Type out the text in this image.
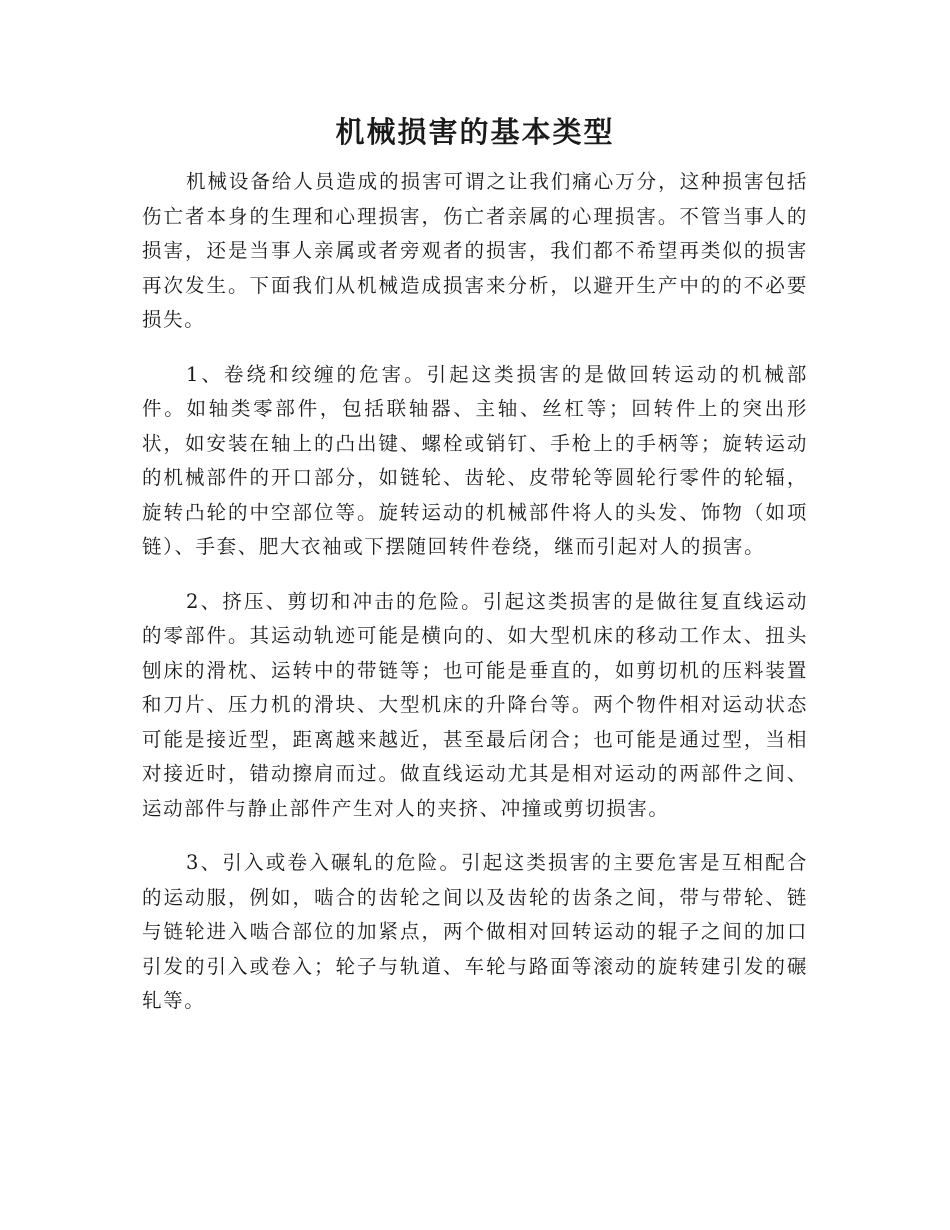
机械损害的基本类型

机械设备给人员造成的损害可谓之让我们痛心万分，这种损害包括伤亡者本身的生理和心理损害，伤亡者亲属的心理损害。不管当事人的损害，还是当事人亲属或者旁观者的损害，我们都不希望再类似的损害再次发生。下面我们从机械造成损害来分析，以避开生产中的的不必要损失。

1、卷绕和绞缠的危害。引起这类损害的是做回转运动的机械部件。如轴类零部件，包括联轴器、主轴、丝杠等；回转件上的突出形状，如安装在轴上的凸出键、螺栓或销钉、手枪上的手柄等；旋转运动的机械部件的开口部分，如链轮、齿轮、皮带轮等圆轮行零件的轮辐，旋转凸轮的中空部位等。旋转运动的机械部件将人的头发、饰物（如项链）、手套、肥大衣袖或下摆随回转件卷绕，继而引起对人的损害。

2、挤压、剪切和冲击的危险。引起这类损害的是做往复直线运动的零部件。其运动轨迹可能是横向的、如大型机床的移动工作太、扭头刨床的滑枕、运转中的带链等；也可能是垂直的，如剪切机的压料装置和刀片、压力机的滑块、大型机床的升降台等。两个物件相对运动状态可能是接近型，距离越来越近，甚至最后闭合；也可能是通过型，当相对接近时，错动擦肩而过。做直线运动尤其是相对运动的两部件之间、运动部件与静止部件产生对人的夹挤、冲撞或剪切损害。

3、引入或卷入碾轧的危险。引起这类损害的主要危害是互相配合的运动服，例如，啮合的齿轮之间以及齿轮的齿条之间，带与带轮、链与链轮进入啮合部位的加紧点，两个做相对回转运动的辊子之间的加口引发的引入或卷入；轮子与轨道、车轮与路面等滚动的旋转建引发的碾轧等。
